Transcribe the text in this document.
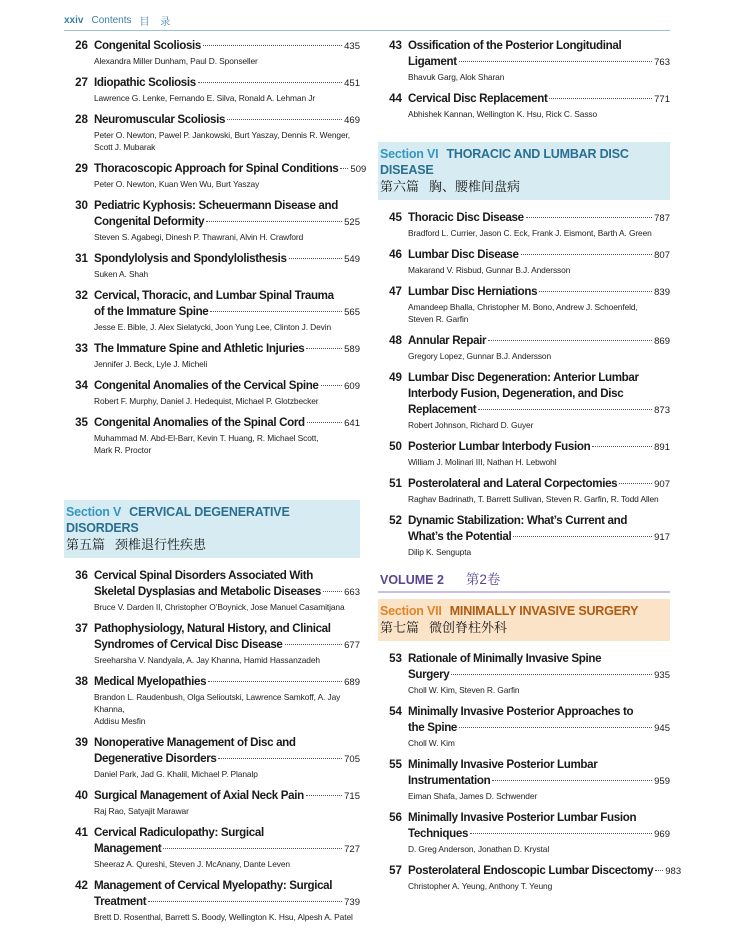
xxiv Contents 目 录
26 Congenital Scoliosis	435
Alexandra Miller Dunham, Paul D. Sponseller
27 Idiopathic Scoliosis	451
Lawrence G. Lenke, Fernando E. Silva, Ronald A. Lehman Jr
28 Neuromuscular Scoliosis	469
Peter O. Newton, Pawel P. Jankowski, Burt Yaszay, Dennis R. Wenger,
Scott J. Mubarak
29 Thoracoscopic Approach for Spinal Conditions 509
Peter O. Newton, Kuan Wen Wu, Burt Yaszay
30 Pediatric Kyphosis: Scheuermann Disease and
Congenital Deformity	525
Steven S. Agabegi, Dinesh P. Thawrani, Alvin H. Crawford
31 Spondylolysis and Spondylolisthesis	549
Suken A. Shah
32 Cervical, Thoracic, and Lumbar Spinal Trauma
of the Immature Spine	565
Jesse E. Bible, J. Alex Sielatycki, Joon Yung Lee, Clinton J. Devin
33 The Immature Spine and Athletic Injuries	589
Jennifer J. Beck, Lyle J. Micheli
34 Congenital Anomalies of the Cervical Spine	609
Robert F. Murphy, Daniel J. Hedequist, Michael P. Glotzbecker
35 Congenital Anomalies of the Spinal Cord	641
Muhammad M. Abd-El-Barr, Kevin T. Huang, R. Michael Scott,
Mark R. Proctor
Section V CERVICAL DEGENERATIVE DISORDERS
第五篇 颈椎退行性疾患
36 Cervical Spinal Disorders Associated With
Skeletal Dysplasias and Metabolic Diseases 663
Bruce V. Darden II, Christopher O’Boynick, Jose Manuel Casamitjana
37 Pathophysiology, Natural History, and Clinical
Syndromes of Cervical Disc Disease	677
Sreeharsha V. Nandyala, A. Jay Khanna, Hamid Hassanzadeh
38 Medical Myelopathies	689
Brandon L. Raudenbush, Olga Selioutski, Lawrence Samkoff, A. Jay Khanna,
Addisu Mesfin
39 Nonoperative Management of Disc and
Degenerative Disorders	705
Daniel Park, Jad G. Khalil, Michael P. Planalp
40 Surgical Management of Axial Neck Pain	715
Raj Rao, Satyajit Marawar
41 Cervical Radiculopathy: Surgical
Management	727
Sheeraz A. Qureshi, Steven J. McAnany, Dante Leven
42 Management of Cervical Myelopathy: Surgical
Treatment	739
Brett D. Rosenthal, Barrett S. Boody, Wellington K. Hsu, Alpesh A. Patel
43 Ossification of the Posterior Longitudinal
Ligament	763
Bhavuk Garg, Alok Sharan
44 Cervical Disc Replacement	771
Abhishek Kannan, Wellington K. Hsu, Rick C. Sasso
Section VI THORACIC AND LUMBAR DISC DISEASE
第六篇 胸、腰椎间盘病
45 Thoracic Disc Disease	787
Bradford L. Currier, Jason C. Eck, Frank J. Eismont, Barth A. Green
46 Lumbar Disc Disease	807
Makarand V. Risbud, Gunnar B.J. Andersson
47 Lumbar Disc Herniations	839
Amandeep Bhalla, Christopher M. Bono, Andrew J. Schoenfeld,
Steven R. Garfin
48 Annular Repair	869
Gregory Lopez, Gunnar B.J. Andersson
49 Lumbar Disc Degeneration: Anterior Lumbar
Interbody Fusion, Degeneration, and Disc
Replacement	873
Robert Johnson, Richard D. Guyer
50 Posterior Lumbar Interbody Fusion	891
William J. Molinari III, Nathan H. Lebwohl
51 Posterolateral and Lateral Corpectomies	907
Raghav Badrinath, T. Barrett Sullivan, Steven R. Garfin, R. Todd Allen
52 Dynamic Stabilization: What’s Current and
What’s the Potential	917
Dilip K. Sengupta
VOLUME 2 第2卷
Section VII MINIMALLY INVASIVE SURGERY
第七篇 微创脊柱外科
53 Rationale of Minimally Invasive Spine
Surgery	935
Choll W. Kim, Steven R. Garfin
54 Minimally Invasive Posterior Approaches to
the Spine	945
Choll W. Kim
55 Minimally Invasive Posterior Lumbar
Instrumentation	959
Eiman Shafa, James D. Schwender
56 Minimally Invasive Posterior Lumbar Fusion
Techniques	969
D. Greg Anderson, Jonathan D. Krystal
57 Posterolateral Endoscopic Lumbar Discectomy 983
Christopher A. Yeung, Anthony T. Yeung
